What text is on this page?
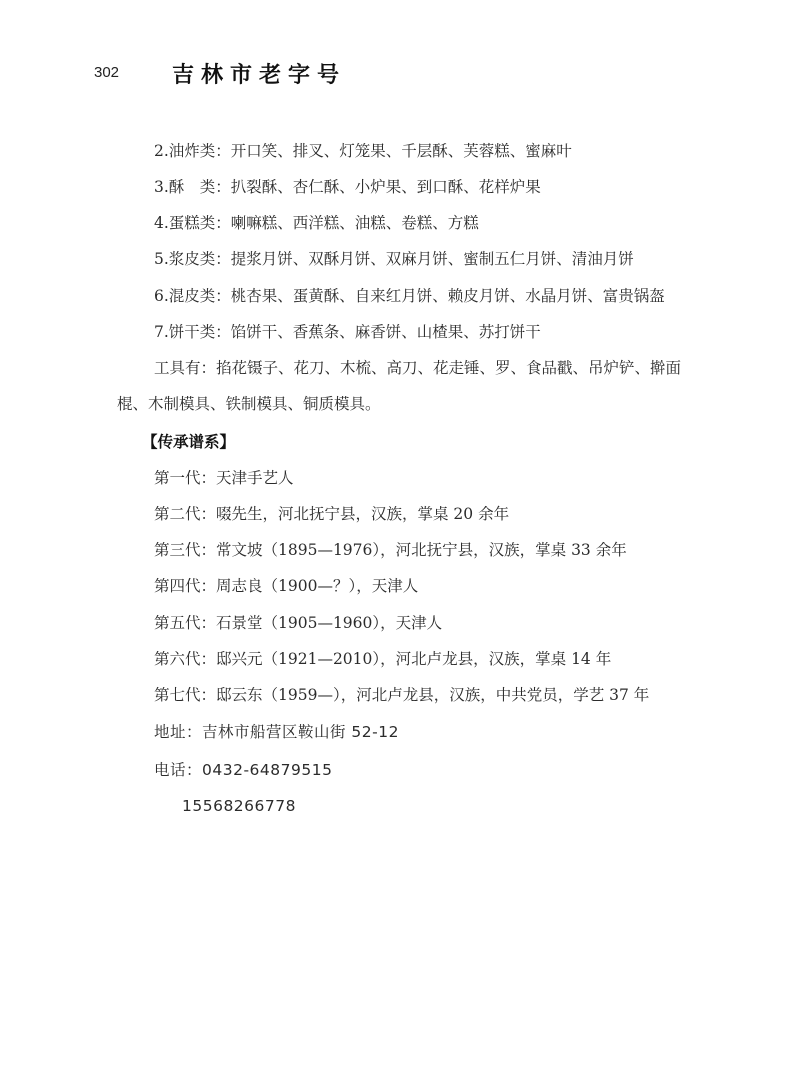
302 吉林市老字号
2.油炸类：开口笑、排叉、灯笼果、千层酥、芙蓉糕、蜜麻叶
3.酥　类：扒裂酥、杏仁酥、小炉果、到口酥、花样炉果
4.蛋糕类：喇嘛糕、西洋糕、油糕、卷糕、方糕
5.浆皮类：提浆月饼、双酥月饼、双麻月饼、蜜制五仁月饼、清油月饼
6.混皮类：桃杏果、蛋黄酥、自来红月饼、赖皮月饼、水晶月饼、富贵锅盔
7.饼干类：馅饼干、香蕉条、麻香饼、山楂果、苏打饼干
工具有：掐花镊子、花刀、木梳、高刀、花走锤、罗、食品戳、吊炉铲、擀面
棍、木制模具、铁制模具、铜质模具。
【传承谱系】
第一代：天津手艺人
第二代：啜先生，河北抚宁县，汉族，掌桌 20 余年
第三代：常文坡（1895—1976），河北抚宁县，汉族，掌桌 33 余年
第四代：周志良（1900—？），天津人
第五代：石景堂（1905—1960），天津人
第六代：邸兴元（1921—2010），河北卢龙县，汉族，掌桌 14 年
第七代：邸云东（1959—），河北卢龙县，汉族，中共党员，学艺 37 年
地址：吉林市船营区鞍山街 52-12
电话：0432-64879515
15568266778
